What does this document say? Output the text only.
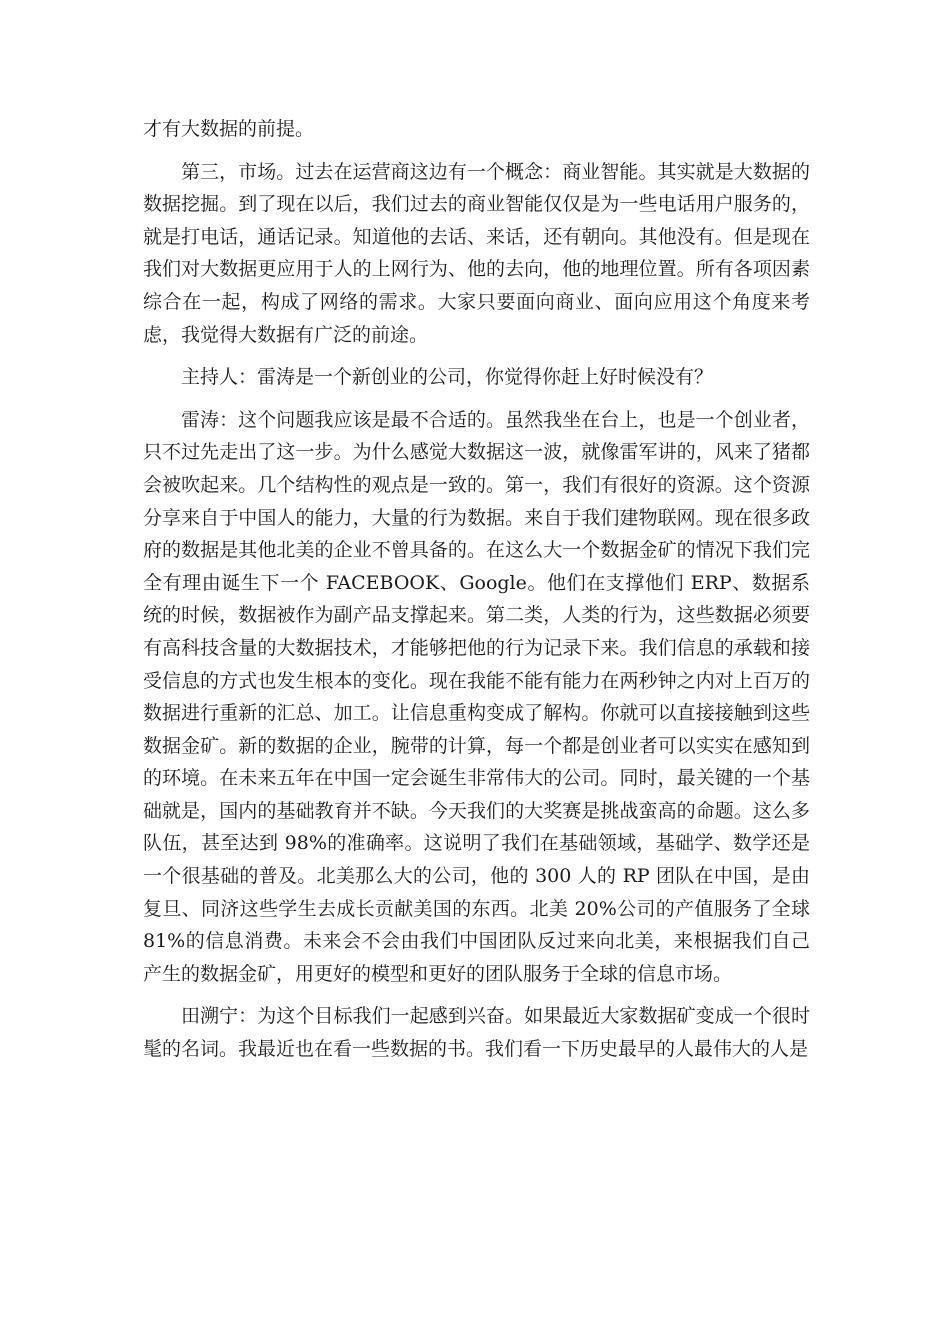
才有大数据的前提。

第三，市场。过去在运营商这边有一个概念：商业智能。其实就是大数据的数据挖掘。到了现在以后，我们过去的商业智能仅仅是为一些电话用户服务的，就是打电话，通话记录。知道他的去话、来话，还有朝向。其他没有。但是现在我们对大数据更应用于人的上网行为、他的去向，他的地理位置。所有各项因素综合在一起，构成了网络的需求。大家只要面向商业、面向应用这个角度来考虑，我觉得大数据有广泛的前途。

主持人：雷涛是一个新创业的公司，你觉得你赶上好时候没有？

雷涛：这个问题我应该是最不合适的。虽然我坐在台上，也是一个创业者，只不过先走出了这一步。为什么感觉大数据这一波，就像雷军讲的，风来了猪都会被吹起来。几个结构性的观点是一致的。第一，我们有很好的资源。这个资源分享来自于中国人的能力，大量的行为数据。来自于我们建物联网。现在很多政府的数据是其他北美的企业不曾具备的。在这么大一个数据金矿的情况下我们完全有理由诞生下一个 FACEBOOK、Google。他们在支撑他们 ERP、数据系统的时候，数据被作为副产品支撑起来。第二类，人类的行为，这些数据必须要有高科技含量的大数据技术，才能够把他的行为记录下来。我们信息的承载和接受信息的方式也发生根本的变化。现在我能不能有能力在两秒钟之内对上百万的数据进行重新的汇总、加工。让信息重构变成了解构。你就可以直接接触到这些数据金矿。新的数据的企业，腕带的计算，每一个都是创业者可以实实在感知到的环境。在未来五年在中国一定会诞生非常伟大的公司。同时，最关键的一个基础就是，国内的基础教育并不缺。今天我们的大奖赛是挑战蛮高的命题。这么多队伍，甚至达到 98%的准确率。这说明了我们在基础领域，基础学、数学还是一个很基础的普及。北美那么大的公司，他的 300 人的 RP 团队在中国，是由复旦、同济这些学生去成长贡献美国的东西。北美 20%公司的产值服务了全球 81%的信息消费。未来会不会由我们中国团队反过来向北美，来根据我们自己产生的数据金矿，用更好的模型和更好的团队服务于全球的信息市场。

田溯宁：为这个目标我们一起感到兴奋。如果最近大家数据矿变成一个很时髦的名词。我最近也在看一些数据的书。我们看一下历史最早的人最伟大的人是
